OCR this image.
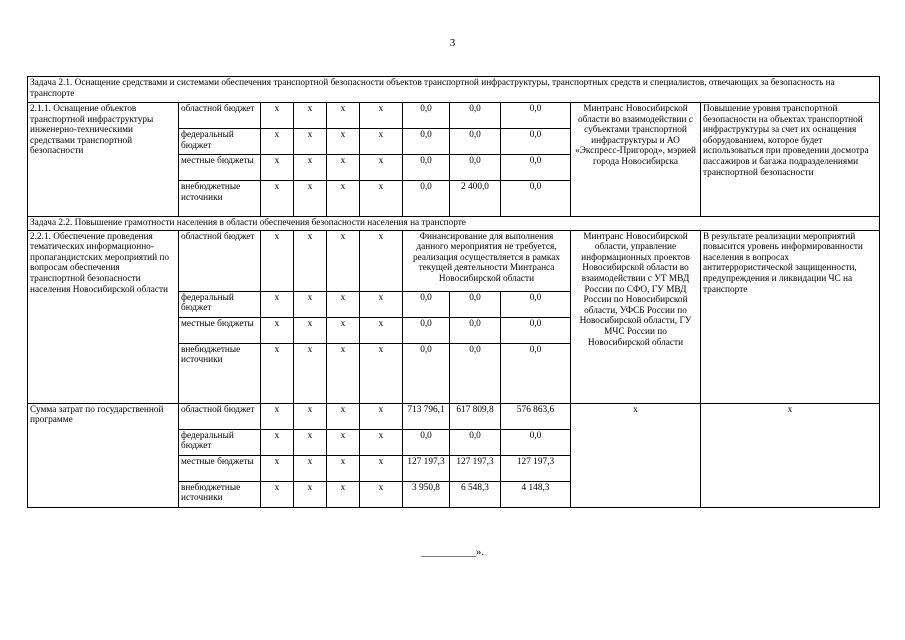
3
Задача 2.1. Оснащение средствами и системами обеспечения транспортной безопасности объектов транспортной инфраструктуры, транспортных средств и специалистов, отвечающих за безопасность на транспорте										
2.1.1. Оснащение объектов транспортной инфраструктуры инженерно-техническими средствами транспортной безопасности	областной бюджет	x	x	x	x	0,0	0,0	0,0	Минтранс Новосибирской области во взаимодействии с субъектами транспортной инфраструктуры и АО «Экспресс-Пригород», мэрией города Новосибирска	Повышение уровня транспортной безопасности на объектах транспортной инфраструктуры за счет их оснащения оборудованием, которое будет использоваться при проведении досмотра пассажиров и багажа подразделениями транспортной безопасности
	федеральный бюджет	x	x	x	x	0,0	0,0	0,0		
	местные бюджеты	x	x	x	x	0,0	0,0	0,0		
	внебюджетные источники	x	x	x	x	0,0	2 400,0	0,0		
Задача 2.2. Повышение грамотности населения в области обеспечения безопасности населения на транспорте										
2.2.1. Обеспечение проведения тематических информационно-пропагандистских мероприятий по вопросам обеспечения транспортной безопасности населения Новосибирской области	областной бюджет	x	x	x	x	Финансирование для выполнения данного мероприятия не требуется, реализация осуществляется в рамках текущей деятельности Минтранса Новосибирской области			Минтранс Новосибирской области, управление информационных проектов Новосибирской области во взаимодействии с УТ МВД России по СФО, ГУ МВД России по Новосибирской области, УФСБ России по Новосибирской области, ГУ МЧС России по Новосибирской области	В результате реализации мероприятий повысится уровень информированности населения в вопросах антитеррористической защищенности, предупреждения и ликвидации ЧС на транспорте
	федеральный бюджет	x	x	x	x	0,0	0,0	0,0		
	местные бюджеты	x	x	x	x	0,0	0,0	0,0		
	внебюджетные источники	x	x	x	x	0,0	0,0	0,0		
Сумма затрат по государственной программе	областной бюджет	x	x	x	x	713 796,1	617 809,8	576 863,6	x	x
	федеральный бюджет	x	x	x	x	0,0	0,0	0,0		
	местные бюджеты	x	x	x	x	127 197,3	127 197,3	127 197,3		
	внебюджетные источники	x	x	x	x	3 950,8	6 548,3	4 148,3		
__________».
